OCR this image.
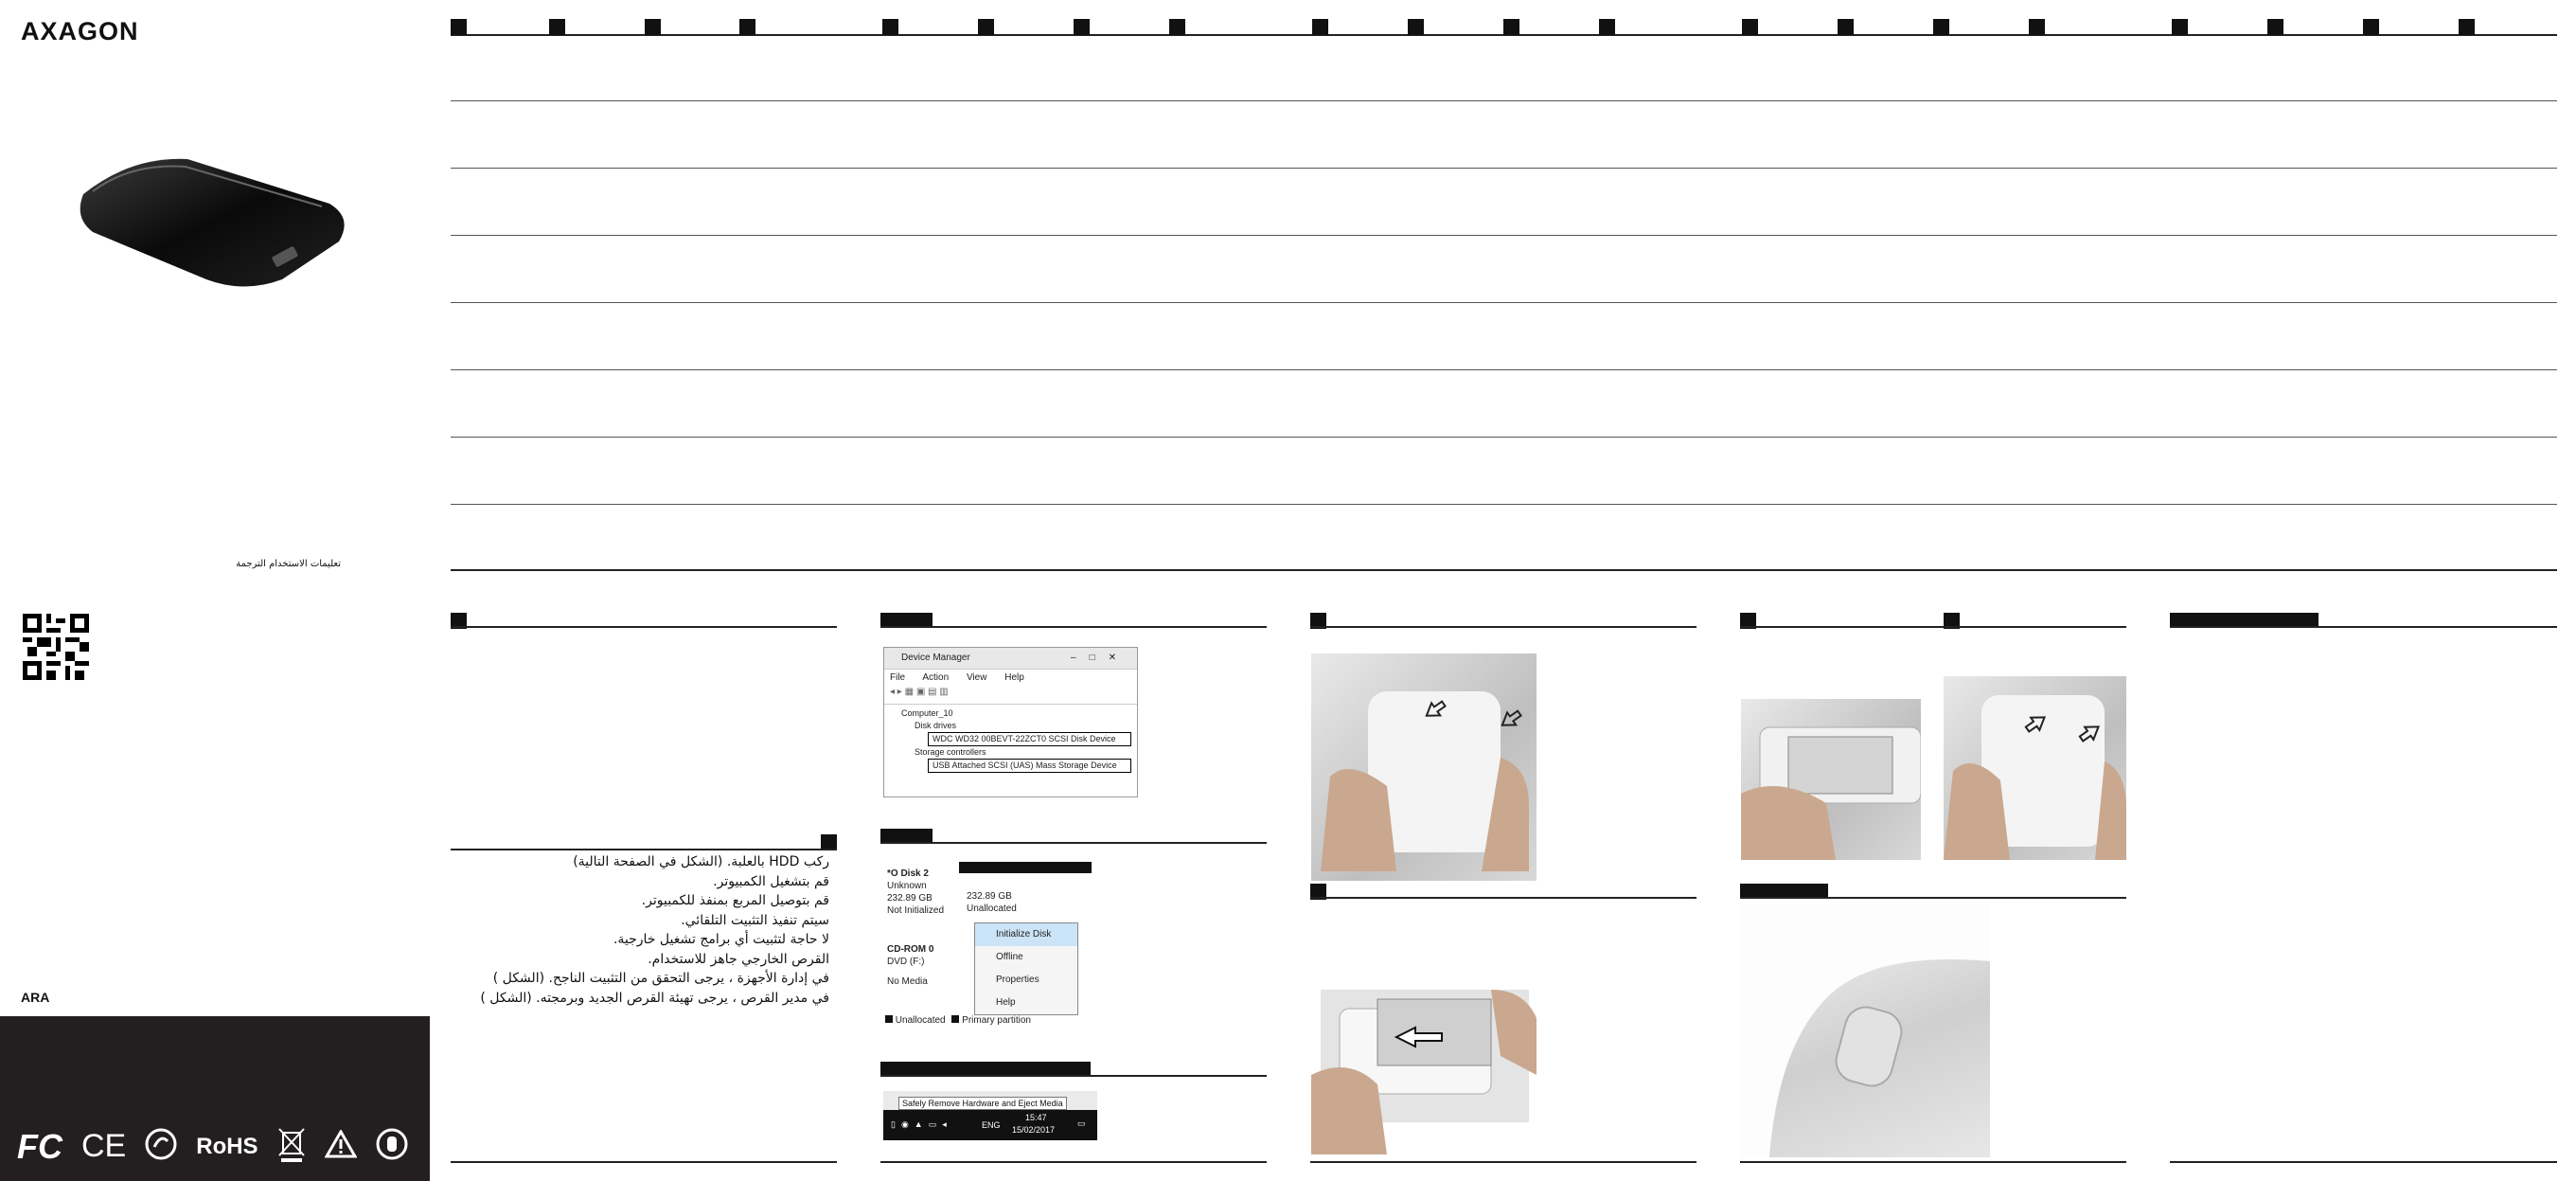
AXAGON
تعليمات الاستخدام الترجمة
ARA
FC CE	RoHS
ركب HDD بالعلبة. (الشكل في الصفحة التالية)
قم بتشغيل الكمبيوتر.
قم بتوصيل المربع بمنفذ للكمبيوتر.
سيتم تنفيذ التثبيت التلقائي.
لا حاجة لتثبيت أي برامج تشغيل خارجية.
القرص الخارجي جاهز للاستخدام.
في إدارة الأجهزة ، يرجى التحقق من التثبيت الناجح. (الشكل )
في مدير القرص ، يرجى تهيئة القرص الجديد وبرمجته. (الشكل )
Device Manager	–□✕
File Action View Help
◂ ▸ ▦ ▣ ▤ ▥
Computer_10
Disk drives
WDC WD32 00BEVT-22ZCT0 SCSI Disk Device
Storage controllers
USB Attached SCSI (UAS) Mass Storage Device
*O Disk 2
Unknown
232.89 GB
Not Initialized
232.89 GB
Unallocated
CD-ROM 0
DVD (F:)
No Media
Initialize Disk
Offline
Properties
Help
Unallocated Primary partition
Safely Remove Hardware and Eject Media
▯◉▲▭◂	ENG
15:47
15/02/2017
▭
